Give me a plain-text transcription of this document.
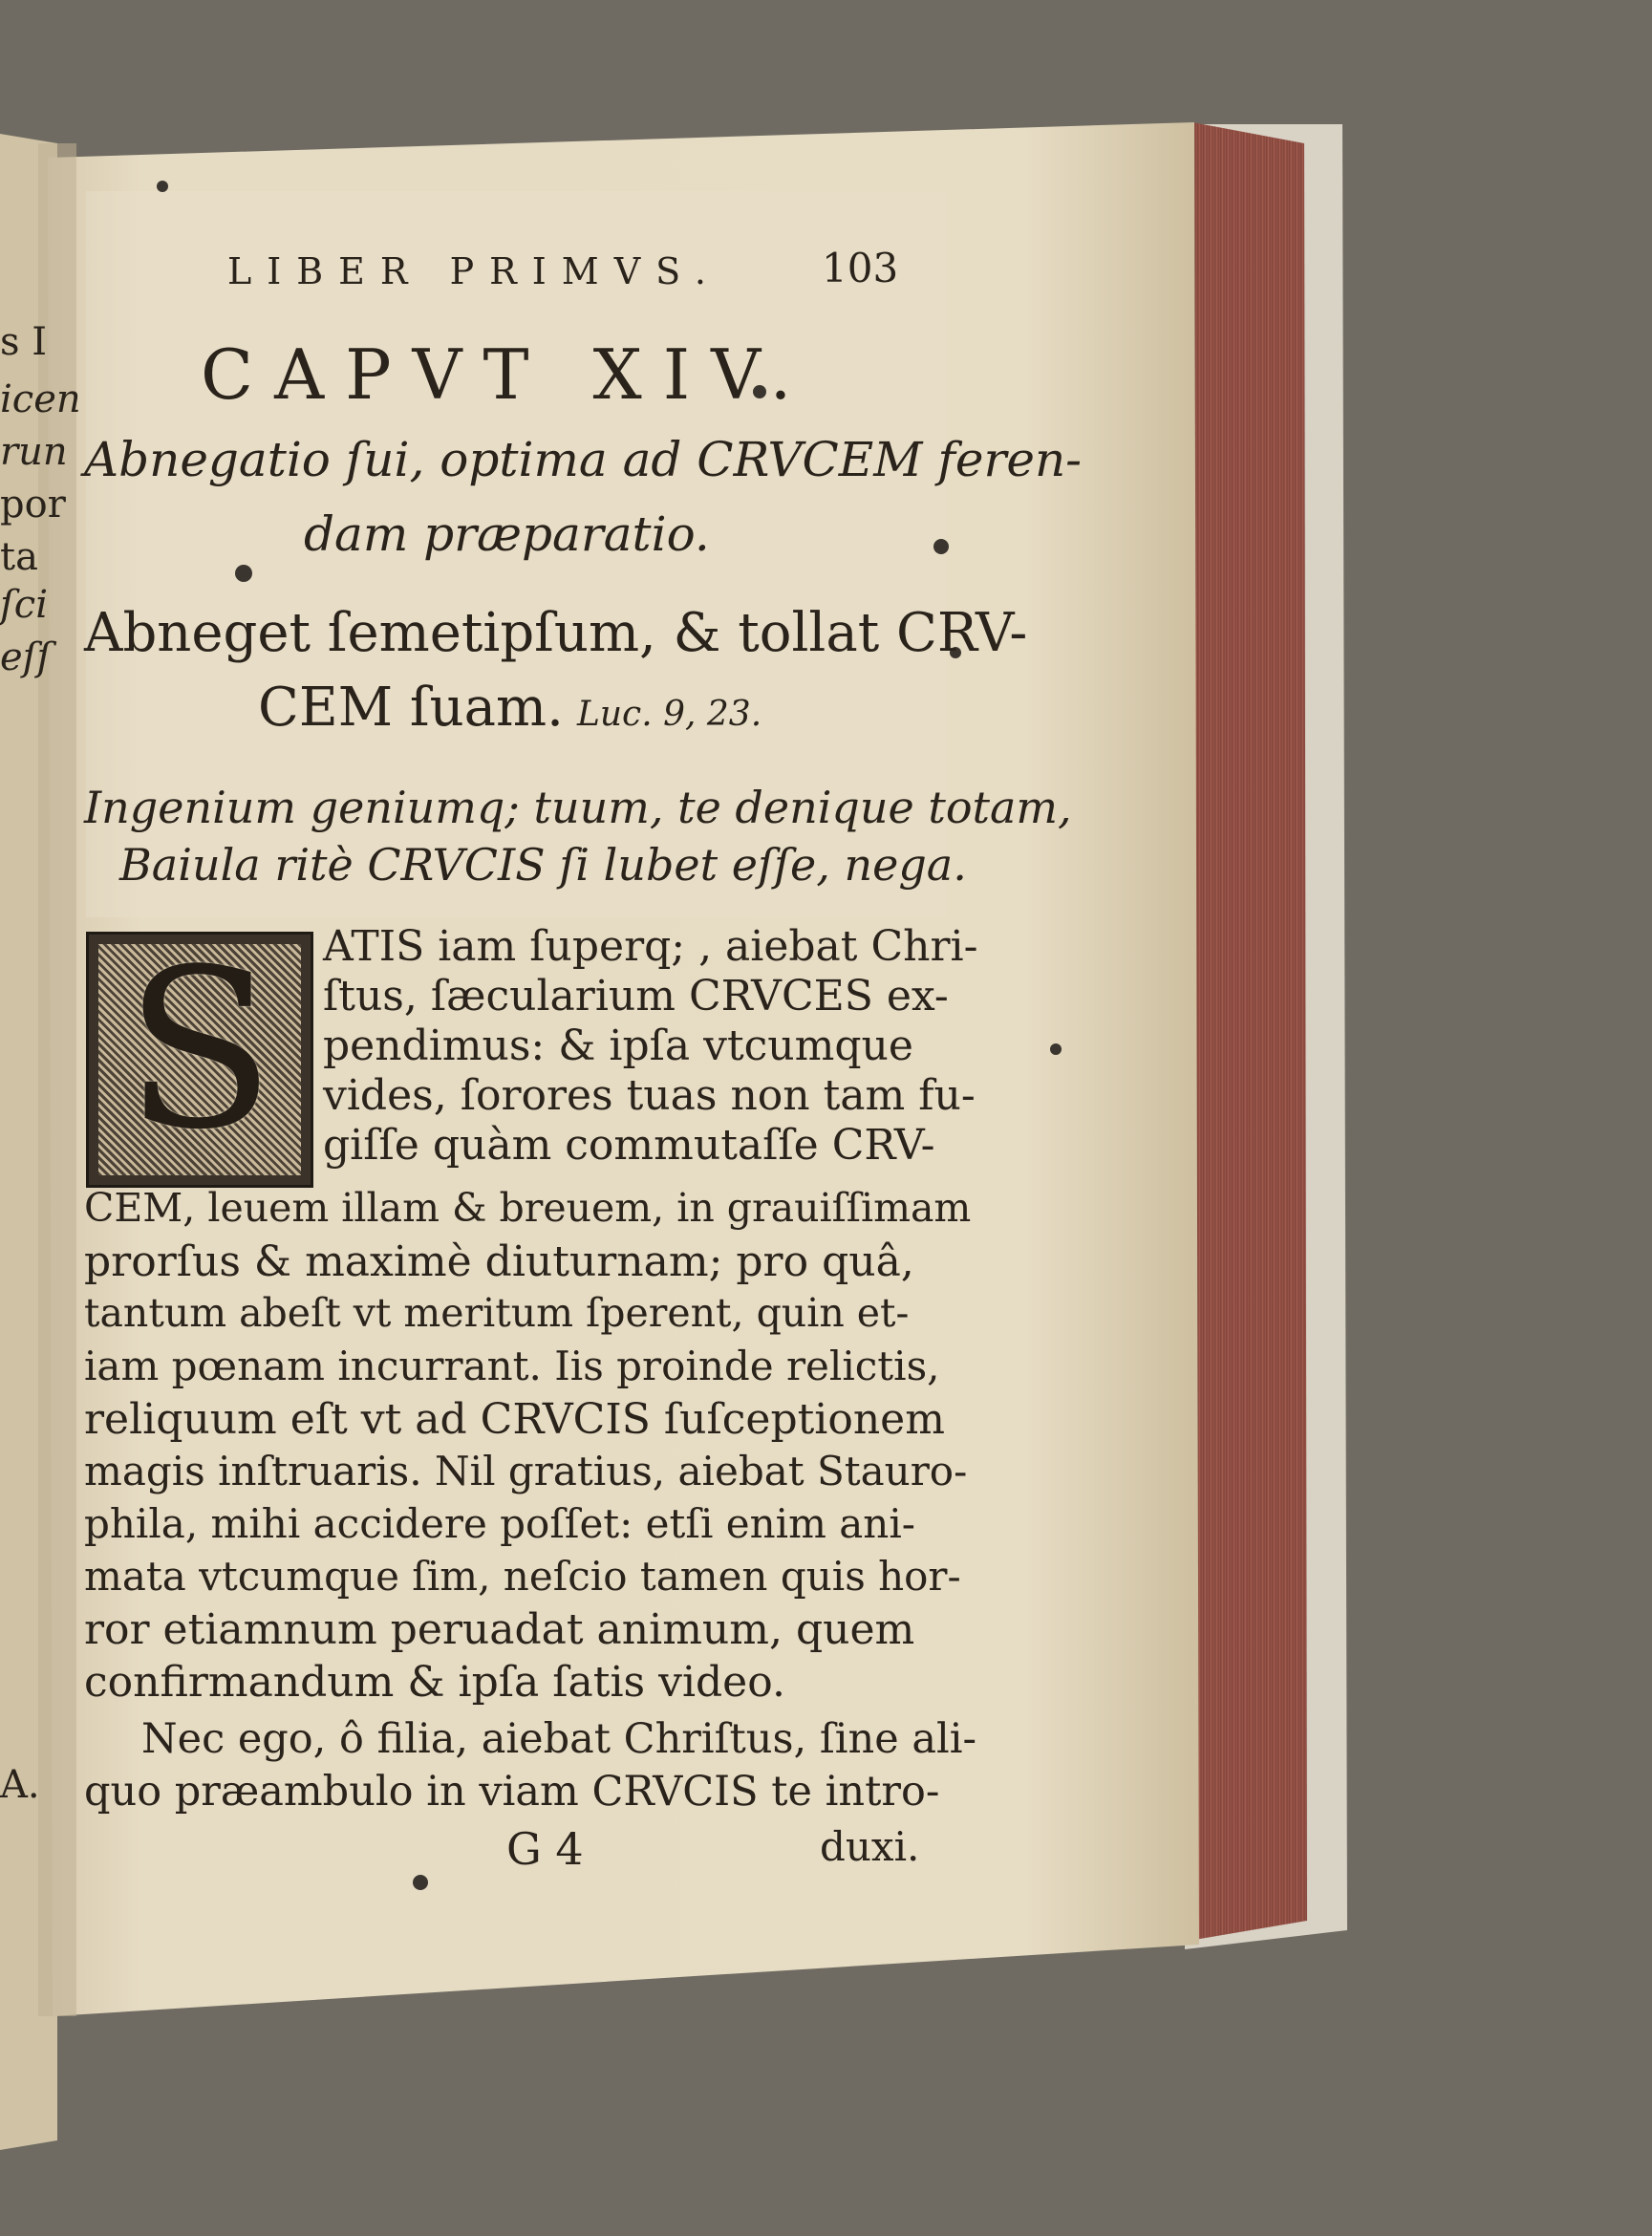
s I
icen
run
por
ta
ſci
eſſ
A.
LIBER PRIMVS.	103
CAPVT XIV.
Abnegatio ſui, optima ad CRVCEM feren-
dam præparatio.
Abneget ſemetipſum, & tollat CRV-
CEM ſuam. Luc. 9, 23.
Ingenium geniumq; tuum, te denique totam,
Baiula ritè CRVCIS ſi lubet eſſe, nega.
S	ATIS iam ſuperq; , aiebat Chri-
ſtus, ſæcularium CRVCES ex-
pendimus: & ipſa vtcumque
vides, ſorores tuas non tam fu-
giſſe quàm commutaſſe CRV-
CEM, leuem illam & breuem, in grauiſſimam
prorſus & maximè diuturnam; pro quâ,
tantum abeſt vt meritum ſperent, quin et-
iam pœnam incurrant. Iis proinde relictis,
reliquum eſt vt ad CRVCIS ſuſceptionem
magis inſtruaris. Nil gratius, aiebat Stauro-
phila, mihi accidere poſſet: etſi enim ani-
mata vtcumque ſim, neſcio tamen quis hor-
ror etiamnum peruadat animum, quem
confirmandum & ipſa ſatis video.
Nec ego, ô filia, aiebat Chriſtus, ſine ali-
quo præambulo in viam CRVCIS te intro-
G 4	duxi.
